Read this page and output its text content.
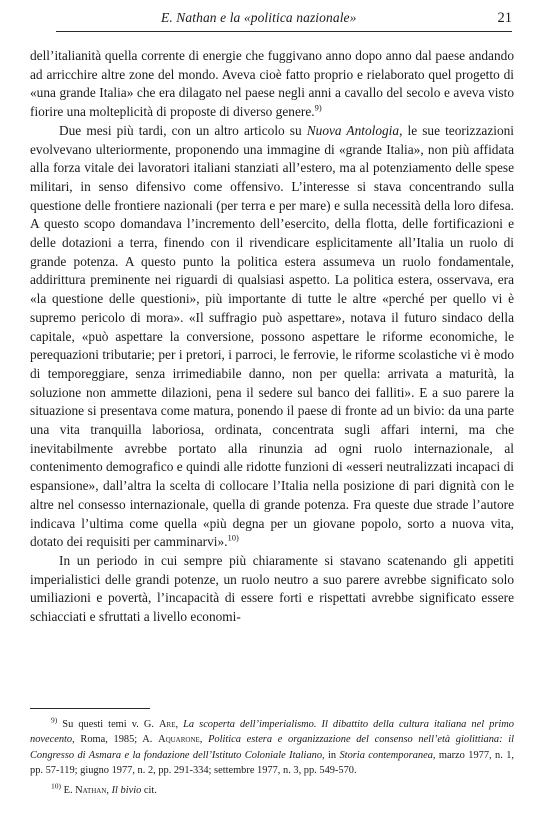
E. Nathan e la «politica nazionale»	21

dell’italianità quella corrente di energie che fuggivano anno dopo anno dal paese andando ad arricchire altre zone del mondo. Aveva cioè fatto proprio e rielaborato quel progetto di «una grande Italia» che era dilagato nel paese negli anni a cavallo del secolo e aveva visto fiorire una molteplicità di proposte di diverso genere.$^{9)}$

Due mesi più tardi, con un altro articolo su Nuova Antologia, le sue teorizzazioni evolvevano ulteriormente, proponendo una immagine di «grande Italia», non più affidata alla forza vitale dei lavoratori italiani stanziati all’estero, ma al potenziamento delle spese militari, in senso difensivo come offensivo. L’interesse si stava concentrando sulla questione delle frontiere nazionali (per terra e per mare) e sulla necessità della loro difesa. A questo scopo domandava l’incremento dell’esercito, della flotta, delle fortificazioni e delle dotazioni a terra, finendo con il rivendicare esplicitamente all’Italia un ruolo di grande potenza. A questo punto la politica estera assumeva un ruolo fondamentale, addirittura preminente nei riguardi di qualsiasi aspetto. La politica estera, osservava, era «la questione delle questioni», più importante di tutte le altre «perché per quello vi è supremo pericolo di mora». «Il suffragio può aspettare», notava il futuro sindaco della capitale, «può aspettare la conversione, possono aspettare le riforme economiche, le perequazioni tributarie; per i pretori, i parroci, le ferrovie, le riforme scolastiche vi è modo di temporeggiare, senza irrimediabile danno, non per quella: arrivata a maturità, la soluzione non ammette dilazioni, pena il sedere sul banco dei falliti». E a suo parere la situazione si presentava come matura, ponendo il paese di fronte ad un bivio: da una parte una vita tranquilla laboriosa, ordinata, concentrata sugli affari interni, ma che inevitabilmente avrebbe portato alla rinunzia ad ogni ruolo internazionale, al contenimento demografico e quindi alle ridotte funzioni di «esseri neutralizzati incapaci di espansione», dall’altra la scelta di collocare l’Italia nella posizione di pari dignità con le altre nel consesso internazionale, quella di grande potenza. Fra queste due strade l’autore indicava l’ultima come quella «più degna per un giovane popolo, sorto a nuova vita, dotato dei requisiti per camminarvi».$^{10)}$

In un periodo in cui sempre più chiaramente si stavano scatenando gli appetiti imperialistici delle grandi potenze, un ruolo neutro a suo parere avrebbe significato solo umiliazioni e povertà, l’incapacità di essere forti e rispettati avrebbe significato essere schiacciati e sfruttati a livello economi-

$^{9)}$ Su questi temi v. G. Are, La scoperta dell’imperialismo. Il dibattito della cultura italiana nel primo novecento, Roma, 1985; A. Aquarone, Politica estera e organizzazione del consenso nell’età giolittiana: il Congresso di Asmara e la fondazione dell’Istituto Coloniale Italiano, in Storia contemporanea, marzo 1977, n. 1, pp. 57-119; giugno 1977, n. 2, pp. 291-334; settembre 1977, n. 3, pp. 549-570.

$^{10)}$ E. Nathan, Il bivio cit.
